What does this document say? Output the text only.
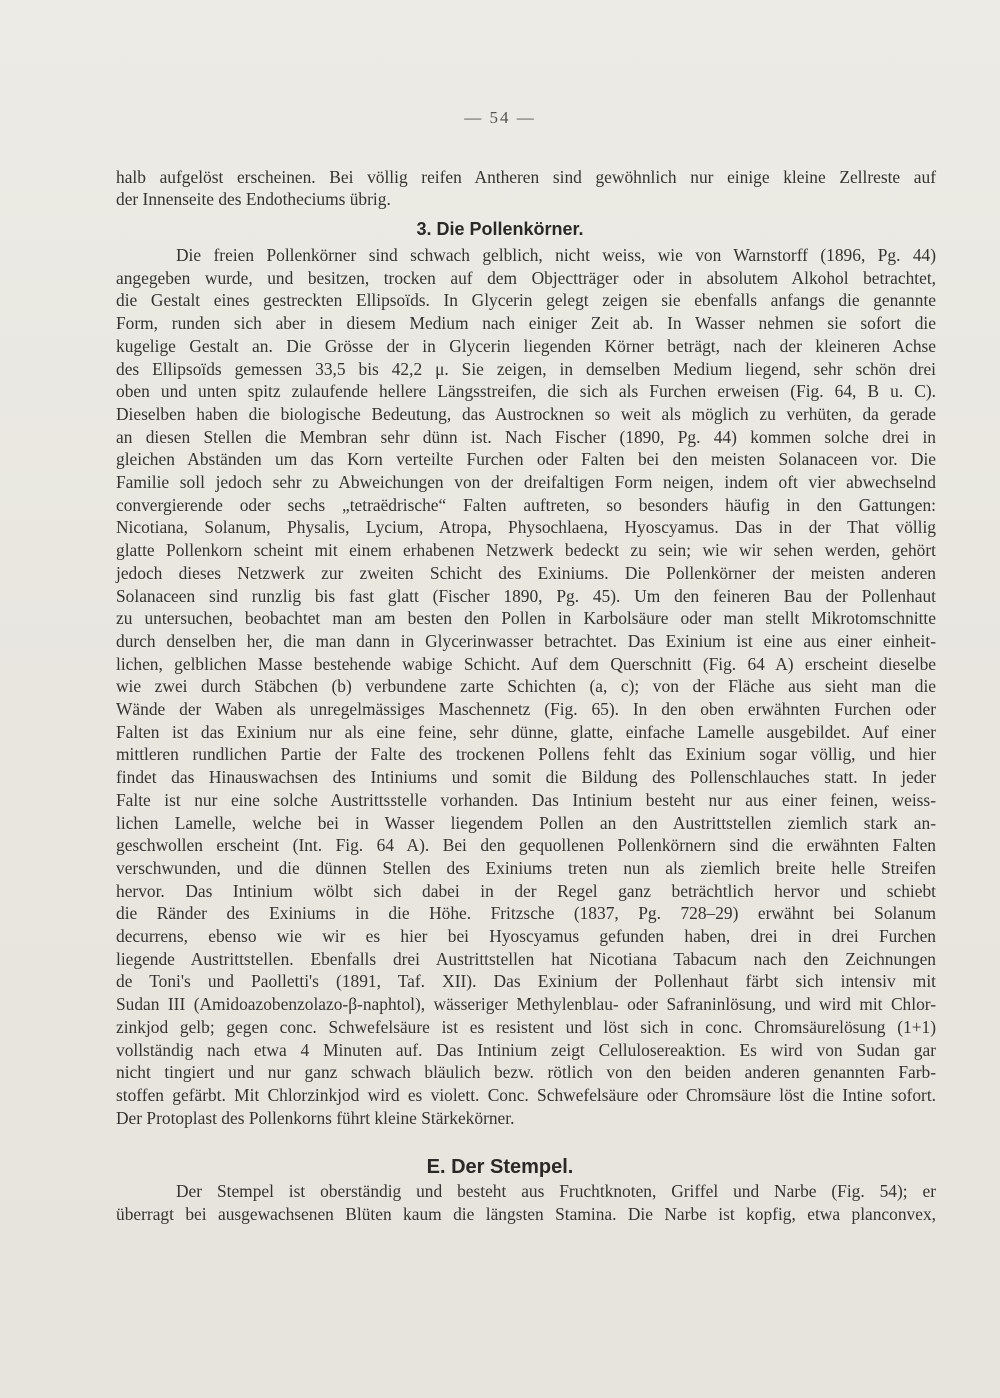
— 54 —
halb aufgelöst erscheinen. Bei völlig reifen Antheren sind gewöhnlich nur einige kleine Zellreste auf
der Innenseite des Endotheciums übrig.
3. Die Pollenkörner.
Die freien Pollenkörner sind schwach gelblich, nicht weiss, wie von Warnstorff (1896, Pg. 44)
angegeben wurde, und besitzen, trocken auf dem Objectträger oder in absolutem Alkohol betrachtet,
die Gestalt eines gestreckten Ellipsoïds. In Glycerin gelegt zeigen sie ebenfalls anfangs die genannte
Form, runden sich aber in diesem Medium nach einiger Zeit ab. In Wasser nehmen sie sofort die
kugelige Gestalt an. Die Grösse der in Glycerin liegenden Körner beträgt, nach der kleineren Achse
des Ellipsoïds gemessen 33,5 bis 42,2 μ. Sie zeigen, in demselben Medium liegend, sehr schön drei
oben und unten spitz zulaufende hellere Längsstreifen, die sich als Furchen erweisen (Fig. 64, B u. C).
Dieselben haben die biologische Bedeutung, das Austrocknen so weit als möglich zu verhüten, da gerade
an diesen Stellen die Membran sehr dünn ist. Nach Fischer (1890, Pg. 44) kommen solche drei in
gleichen Abständen um das Korn verteilte Furchen oder Falten bei den meisten Solanaceen vor. Die
Familie soll jedoch sehr zu Abweichungen von der dreifaltigen Form neigen, indem oft vier abwechselnd
convergierende oder sechs „tetraëdrische“ Falten auftreten, so besonders häufig in den Gattungen:
Nicotiana, Solanum, Physalis, Lycium, Atropa, Physochlaena, Hyoscyamus. Das in der That völlig
glatte Pollenkorn scheint mit einem erhabenen Netzwerk bedeckt zu sein; wie wir sehen werden, gehört
jedoch dieses Netzwerk zur zweiten Schicht des Exiniums. Die Pollenkörner der meisten anderen
Solanaceen sind runzlig bis fast glatt (Fischer 1890, Pg. 45). Um den feineren Bau der Pollenhaut
zu untersuchen, beobachtet man am besten den Pollen in Karbolsäure oder man stellt Mikrotomschnitte
durch denselben her, die man dann in Glycerinwasser betrachtet. Das Exinium ist eine aus einer einheit-
lichen, gelblichen Masse bestehende wabige Schicht. Auf dem Querschnitt (Fig. 64 A) erscheint dieselbe
wie zwei durch Stäbchen (b) verbundene zarte Schichten (a, c); von der Fläche aus sieht man die
Wände der Waben als unregelmässiges Maschennetz (Fig. 65). In den oben erwähnten Furchen oder
Falten ist das Exinium nur als eine feine, sehr dünne, glatte, einfache Lamelle ausgebildet. Auf einer
mittleren rundlichen Partie der Falte des trockenen Pollens fehlt das Exinium sogar völlig, und hier
findet das Hinauswachsen des Intiniums und somit die Bildung des Pollenschlauches statt. In jeder
Falte ist nur eine solche Austrittsstelle vorhanden. Das Intinium besteht nur aus einer feinen, weiss-
lichen Lamelle, welche bei in Wasser liegendem Pollen an den Austrittstellen ziemlich stark an-
geschwollen erscheint (Int. Fig. 64 A). Bei den gequollenen Pollenkörnern sind die erwähnten Falten
verschwunden, und die dünnen Stellen des Exiniums treten nun als ziemlich breite helle Streifen
hervor. Das Intinium wölbt sich dabei in der Regel ganz beträchtlich hervor und schiebt
die Ränder des Exiniums in die Höhe. Fritzsche (1837, Pg. 728–29) erwähnt bei Solanum
decurrens, ebenso wie wir es hier bei Hyoscyamus gefunden haben, drei in drei Furchen
liegende Austrittstellen. Ebenfalls drei Austrittstellen hat Nicotiana Tabacum nach den Zeichnungen
de Toni's und Paolletti's (1891, Taf. XII). Das Exinium der Pollenhaut färbt sich intensiv mit
Sudan III (Amidoazobenzolazo-β-naphtol), wässeriger Methylenblau- oder Safraninlösung, und wird mit Chlor-
zinkjod gelb; gegen conc. Schwefelsäure ist es resistent und löst sich in conc. Chromsäurelösung (1+1)
vollständig nach etwa 4 Minuten auf. Das Intinium zeigt Cellulosereaktion. Es wird von Sudan gar
nicht tingiert und nur ganz schwach bläulich bezw. rötlich von den beiden anderen genannten Farb-
stoffen gefärbt. Mit Chlorzinkjod wird es violett. Conc. Schwefelsäure oder Chromsäure löst die Intine sofort.
Der Protoplast des Pollenkorns führt kleine Stärkekörner.
E. Der Stempel.
Der Stempel ist oberständig und besteht aus Fruchtknoten, Griffel und Narbe (Fig. 54); er
überragt bei ausgewachsenen Blüten kaum die längsten Stamina. Die Narbe ist kopfig, etwa planconvex,
